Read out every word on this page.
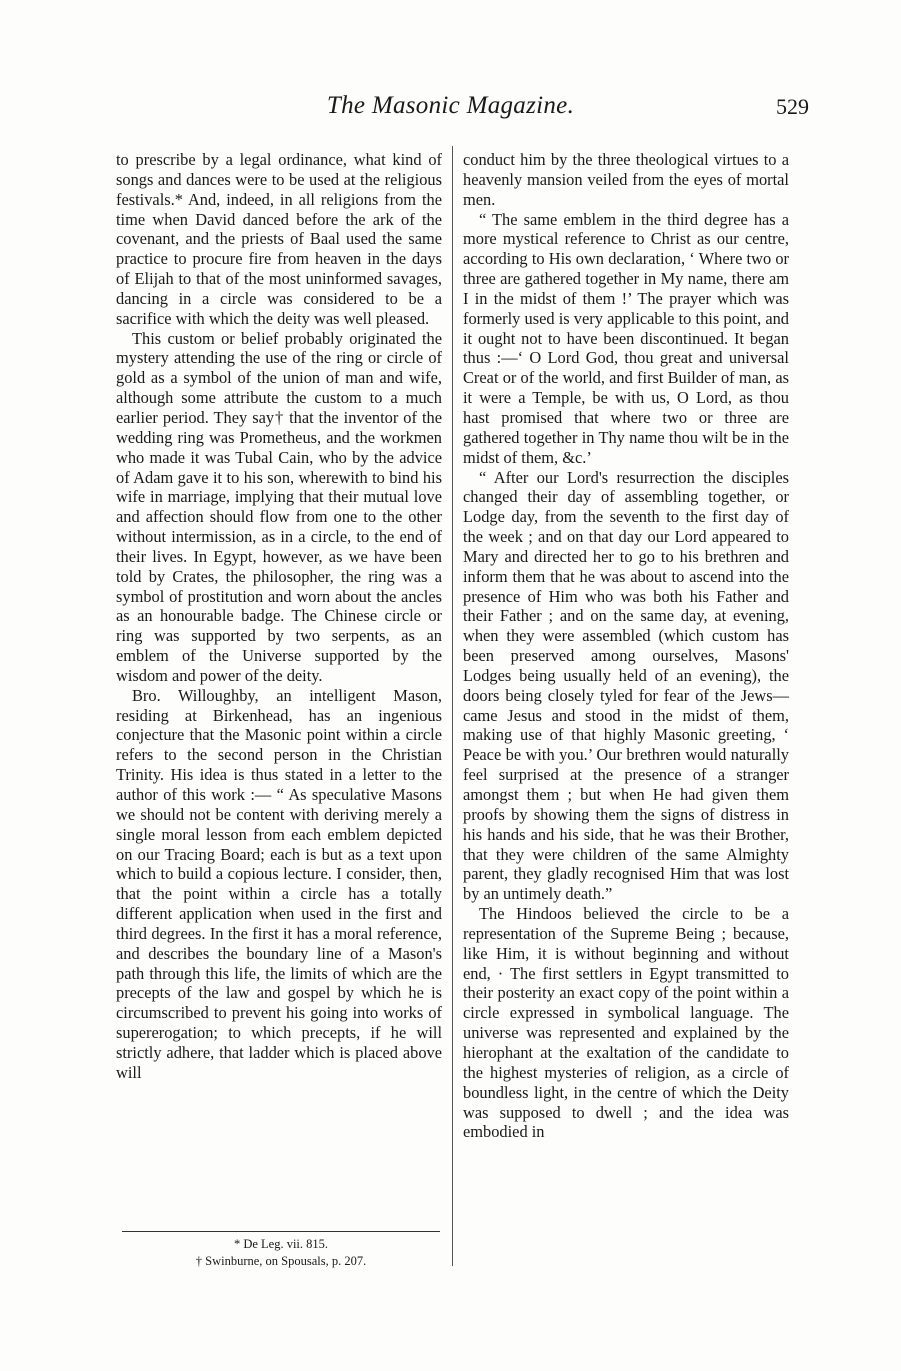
The Masonic Magazine.	529

to prescribe by a legal ordinance, what kind of songs and dances were to be used at the religious festivals.* And, indeed, in all religions from the time when David danced before the ark of the covenant, and the priests of Baal used the same practice to procure fire from heaven in the days of Elijah to that of the most uninformed savages, dancing in a circle was considered to be a sacrifice with which the deity was well pleased.

This custom or belief probably originated the mystery attending the use of the ring or circle of gold as a symbol of the union of man and wife, although some attribute the custom to a much earlier period. They say† that the inventor of the wedding ring was Prometheus, and the workmen who made it was Tubal Cain, who by the advice of Adam gave it to his son, wherewith to bind his wife in marriage, implying that their mutual love and affection should flow from one to the other without intermission, as in a circle, to the end of their lives. In Egypt, however, as we have been told by Crates, the philosopher, the ring was a symbol of prostitution and worn about the ancles as an honourable badge. The Chinese circle or ring was supported by two serpents, as an emblem of the Universe supported by the wisdom and power of the deity.

Bro. Willoughby, an intelligent Mason, residing at Birkenhead, has an ingenious conjecture that the Masonic point within a circle refers to the second person in the Christian Trinity. His idea is thus stated in a letter to the author of this work :— “ As speculative Masons we should not be content with deriving merely a single moral lesson from each emblem depicted on our Tracing Board; each is but as a text upon which to build a copious lecture. I consider, then, that the point within a circle has a totally different application when used in the first and third degrees. In the first it has a moral reference, and describes the boundary line of a Mason's path through this life, the limits of which are the precepts of the law and gospel by which he is circumscribed to prevent his going into works of supererogation; to which precepts, if he will strictly adhere, that ladder which is placed above will

conduct him by the three theological virtues to a heavenly mansion veiled from the eyes of mortal men.

“ The same emblem in the third degree has a more mystical reference to Christ as our centre, according to His own declaration, ‘ Where two or three are gathered together in My name, there am I in the midst of them !’ The prayer which was formerly used is very applicable to this point, and it ought not to have been discontinued. It began thus :—‘ O Lord God, thou great and universal Creat or of the world, and first Builder of man, as it were a Temple, be with us, O Lord, as thou hast promised that where two or three are gathered together in Thy name thou wilt be in the midst of them, &c.’

“ After our Lord's resurrection the disciples changed their day of assembling together, or Lodge day, from the seventh to the first day of the week ; and on that day our Lord appeared to Mary and directed her to go to his brethren and inform them that he was about to ascend into the presence of Him who was both his Father and their Father ; and on the same day, at evening, when they were assembled (which custom has been preserved among ourselves, Masons' Lodges being usually held of an evening), the doors being closely tyled for fear of the Jews—came Jesus and stood in the midst of them, making use of that highly Masonic greeting, ‘ Peace be with you.’ Our brethren would naturally feel surprised at the presence of a stranger amongst them ; but when He had given them proofs by showing them the signs of distress in his hands and his side, that he was their Brother, that they were children of the same Almighty parent, they gladly recognised Him that was lost by an untimely death.”

The Hindoos believed the circle to be a representation of the Supreme Being ; because, like Him, it is without beginning and without end, · The first settlers in Egypt transmitted to their posterity an exact copy of the point within a circle expressed in symbolical language. The universe was represented and explained by the hierophant at the exaltation of the candidate to the highest mysteries of religion, as a circle of boundless light, in the centre of which the Deity was supposed to dwell ; and the idea was embodied in

* De Leg. vii. 815.
† Swinburne, on Spousals, p. 207.
